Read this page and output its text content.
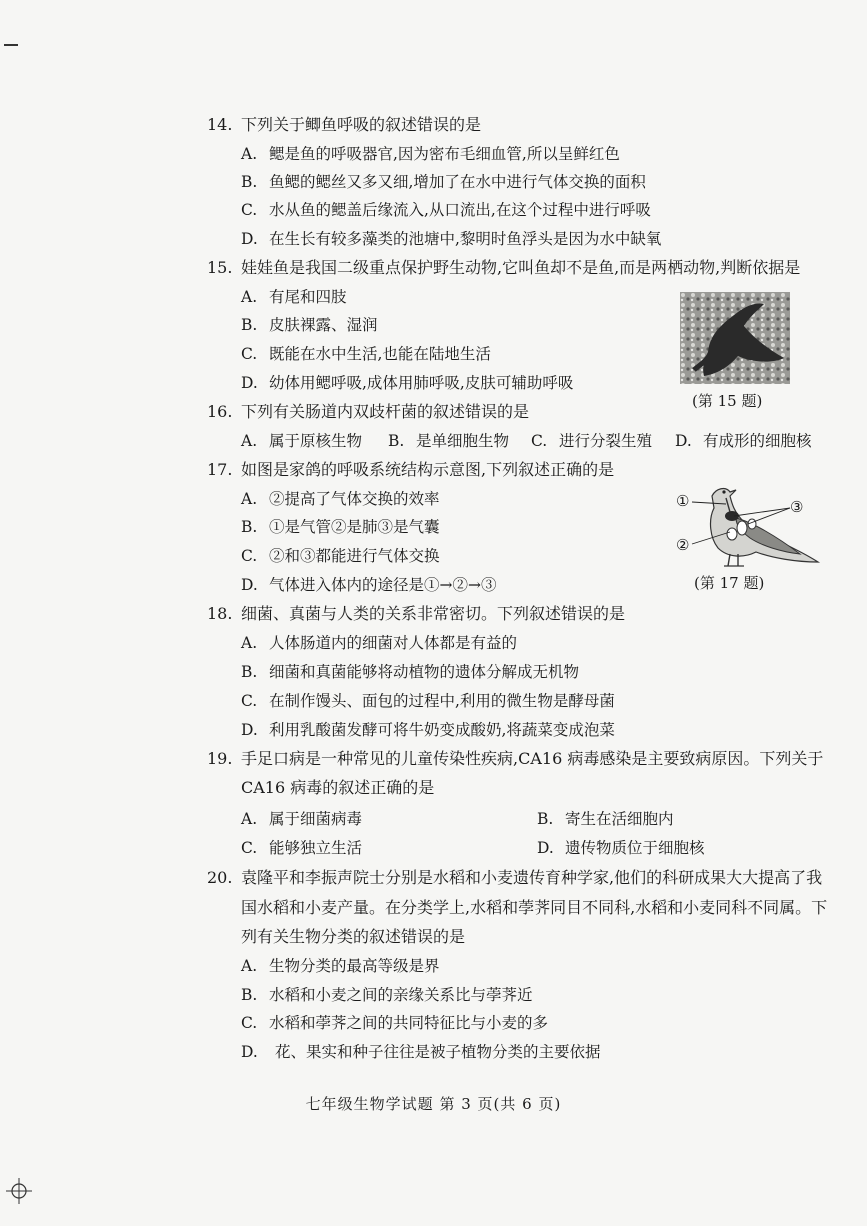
14. 下列关于鲫鱼呼吸的叙述错误的是
A. 鳃是鱼的呼吸器官,因为密布毛细血管,所以呈鲜红色
B. 鱼鳃的鳃丝又多又细,增加了在水中进行气体交换的面积
C. 水从鱼的鳃盖后缘流入,从口流出,在这个过程中进行呼吸
D. 在生长有较多藻类的池塘中,黎明时鱼浮头是因为水中缺氧
15. 娃娃鱼是我国二级重点保护野生动物,它叫鱼却不是鱼,而是两栖动物,判断依据是
A. 有尾和四肢
B. 皮肤裸露、湿润
C. 既能在水中生活,也能在陆地生活
D. 幼体用鳃呼吸,成体用肺呼吸,皮肤可辅助呼吸
(第 15 题)
16. 下列有关肠道内双歧杆菌的叙述错误的是
A. 属于原核生物 B. 是单细胞生物 C. 进行分裂生殖 D. 有成形的细胞核
17. 如图是家鸽的呼吸系统结构示意图,下列叙述正确的是
A. ②提高了气体交换的效率
B. ①是气管②是肺③是气囊
C. ②和③都能进行气体交换
D. 气体进入体内的途径是①→②→③
①
②
③
(第 17 题)
18. 细菌、真菌与人类的关系非常密切。下列叙述错误的是
A. 人体肠道内的细菌对人体都是有益的
B. 细菌和真菌能够将动植物的遗体分解成无机物
C. 在制作馒头、面包的过程中,利用的微生物是酵母菌
D. 利用乳酸菌发酵可将牛奶变成酸奶,将蔬菜变成泡菜
19. 手足口病是一种常见的儿童传染性疾病,CA16 病毒感染是主要致病原因。下列关于
CA16 病毒的叙述正确的是
A. 属于细菌病毒	B. 寄生在活细胞内
C. 能够独立生活	D. 遗传物质位于细胞核
20. 袁隆平和李振声院士分别是水稻和小麦遗传育种学家,他们的科研成果大大提高了我
国水稻和小麦产量。在分类学上,水稻和荸荠同目不同科,水稻和小麦同科不同属。下
列有关生物分类的叙述错误的是
A. 生物分类的最高等级是界
B. 水稻和小麦之间的亲缘关系比与荸荠近
C. 水稻和荸荠之间的共同特征比与小麦的多
D. 花、果实和种子往往是被子植物分类的主要依据
七年级生物学试题 第 3 页(共 6 页)
